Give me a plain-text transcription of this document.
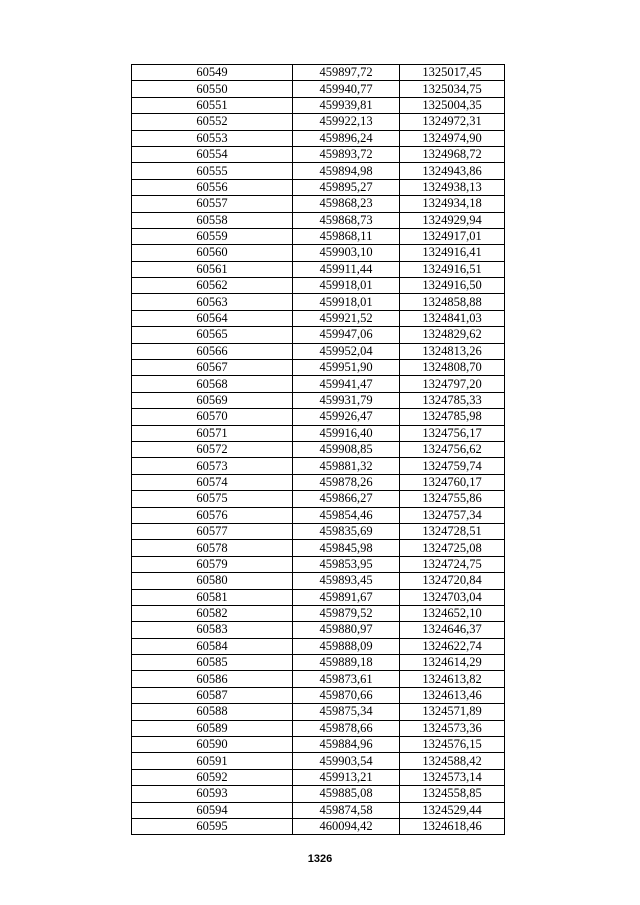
60549	459897,72	1325017,45
60550	459940,77	1325034,75
60551	459939,81	1325004,35
60552	459922,13	1324972,31
60553	459896,24	1324974,90
60554	459893,72	1324968,72
60555	459894,98	1324943,86
60556	459895,27	1324938,13
60557	459868,23	1324934,18
60558	459868,73	1324929,94
60559	459868,11	1324917,01
60560	459903,10	1324916,41
60561	459911,44	1324916,51
60562	459918,01	1324916,50
60563	459918,01	1324858,88
60564	459921,52	1324841,03
60565	459947,06	1324829,62
60566	459952,04	1324813,26
60567	459951,90	1324808,70
60568	459941,47	1324797,20
60569	459931,79	1324785,33
60570	459926,47	1324785,98
60571	459916,40	1324756,17
60572	459908,85	1324756,62
60573	459881,32	1324759,74
60574	459878,26	1324760,17
60575	459866,27	1324755,86
60576	459854,46	1324757,34
60577	459835,69	1324728,51
60578	459845,98	1324725,08
60579	459853,95	1324724,75
60580	459893,45	1324720,84
60581	459891,67	1324703,04
60582	459879,52	1324652,10
60583	459880,97	1324646,37
60584	459888,09	1324622,74
60585	459889,18	1324614,29
60586	459873,61	1324613,82
60587	459870,66	1324613,46
60588	459875,34	1324571,89
60589	459878,66	1324573,36
60590	459884,96	1324576,15
60591	459903,54	1324588,42
60592	459913,21	1324573,14
60593	459885,08	1324558,85
60594	459874,58	1324529,44
60595	460094,42	1324618,46
1326
